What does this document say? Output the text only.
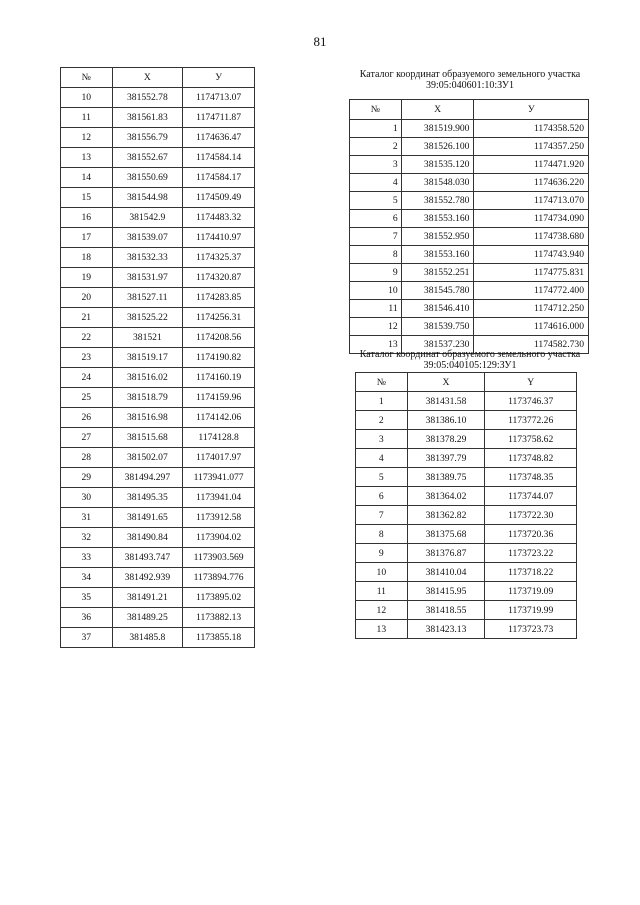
81
№	Х	У
10	381552.78	1174713.07
11	381561.83	1174711.87
12	381556.79	1174636.47
13	381552.67	1174584.14
14	381550.69	1174584.17
15	381544.98	1174509.49
16	381542.9	1174483.32
17	381539.07	1174410.97
18	381532.33	1174325.37
19	381531.97	1174320.87
20	381527.11	1174283.85
21	381525.22	1174256.31
22	381521	1174208.56
23	381519.17	1174190.82
24	381516.02	1174160.19
25	381518.79	1174159.96
26	381516.98	1174142.06
27	381515.68	1174128.8
28	381502.07	1174017.97
29	381494.297	1173941.077
30	381495.35	1173941.04
31	381491.65	1173912.58
32	381490.84	1173904.02
33	381493.747	1173903.569
34	381492.939	1173894.776
35	381491.21	1173895.02
36	381489.25	1173882.13
37	381485.8	1173855.18
Каталог координат образуемого земельного участка
39:05:040601:10:ЗУ1
№	Х	У
1	381519.900	1174358.520
2	381526.100	1174357.250
3	381535.120	1174471.920
4	381548.030	1174636.220
5	381552.780	1174713.070
6	381553.160	1174734.090
7	381552.950	1174738.680
8	381553.160	1174743.940
9	381552.251	1174775.831
10	381545.780	1174772.400
11	381546.410	1174712.250
12	381539.750	1174616.000
13	381537.230	1174582.730
Каталог координат образуемого земельного участка
39:05:040105:129:ЗУ1
№	X	Y
1	381431.58	1173746.37
2	381386.10	1173772.26
3	381378.29	1173758.62
4	381397.79	1173748.82
5	381389.75	1173748.35
6	381364.02	1173744.07
7	381362.82	1173722.30
8	381375.68	1173720.36
9	381376.87	1173723.22
10	381410.04	1173718.22
11	381415.95	1173719.09
12	381418.55	1173719.99
13	381423.13	1173723.73
